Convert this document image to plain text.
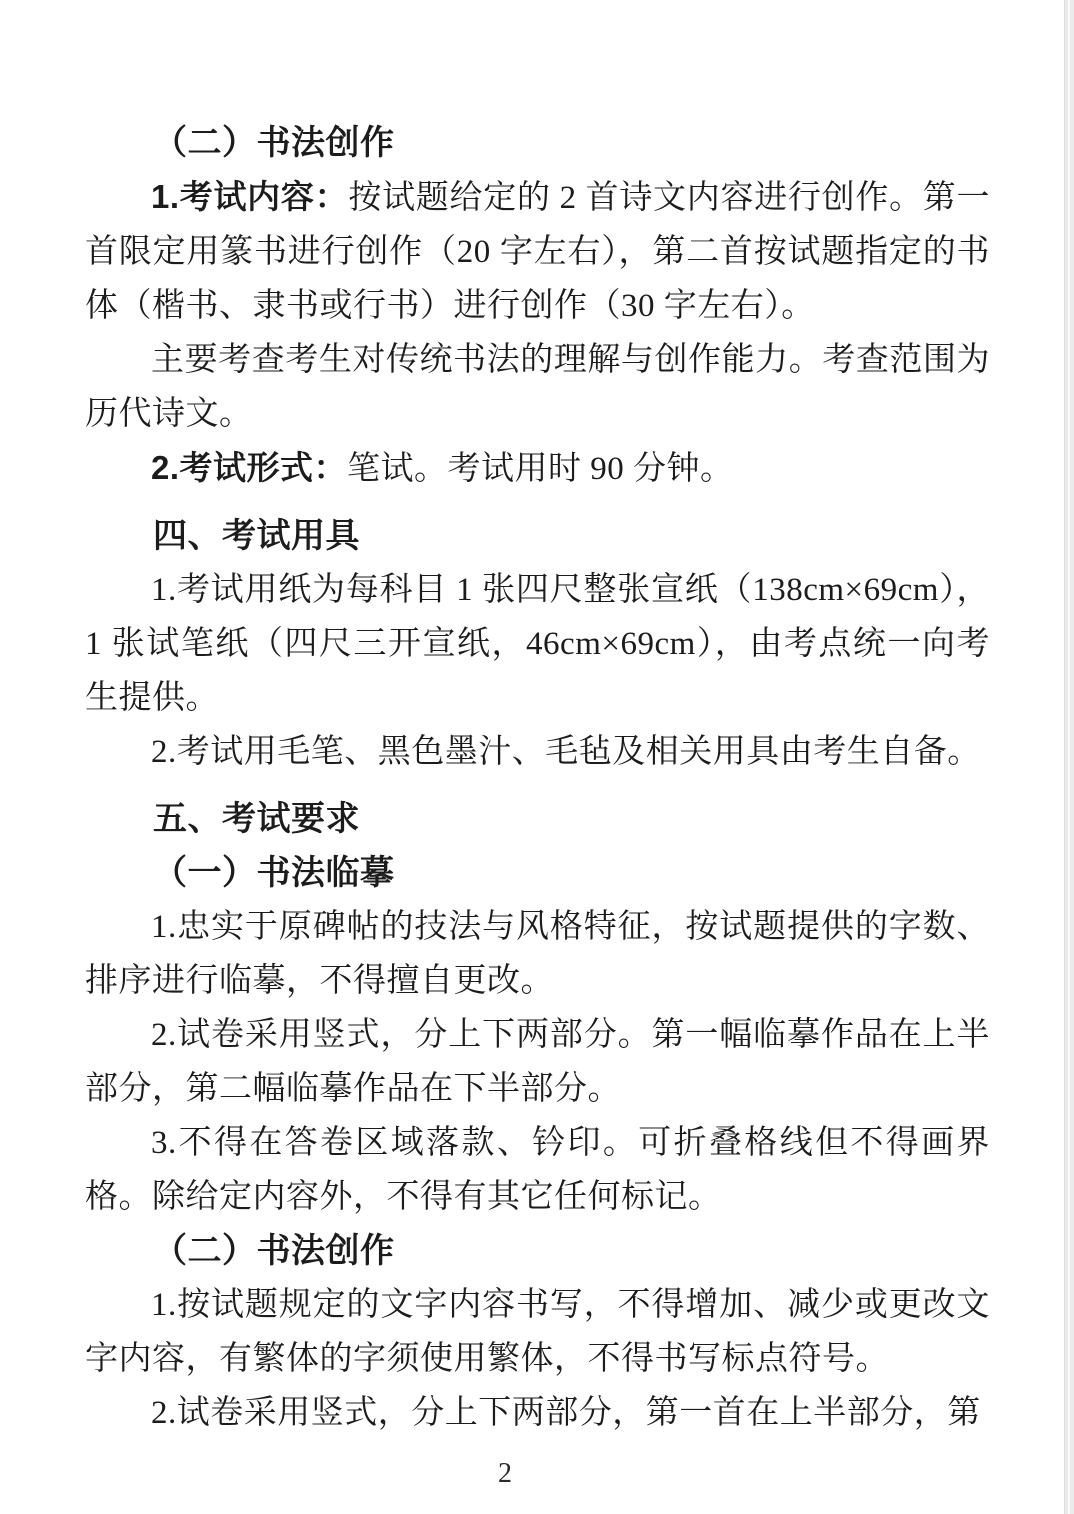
（二）书法创作

1.考试内容：按试题给定的 2 首诗文内容进行创作。第一首限定用篆书进行创作（20 字左右），第二首按试题指定的书体（楷书、隶书或行书）进行创作（30 字左右）。

主要考查考生对传统书法的理解与创作能力。考查范围为历代诗文。

2.考试形式：笔试。考试用时 90 分钟。

四、考试用具

1.考试用纸为每科目 1 张四尺整张宣纸（138cm×69cm），1 张试笔纸（四尺三开宣纸，46cm×69cm），由考点统一向考生提供。

2.考试用毛笔、黑色墨汁、毛毡及相关用具由考生自备。

五、考试要求
（一）书法临摹

1.忠实于原碑帖的技法与风格特征，按试题提供的字数、排序进行临摹，不得擅自更改。

2.试卷采用竖式，分上下两部分。第一幅临摹作品在上半部分，第二幅临摹作品在下半部分。

3.不得在答卷区域落款、钤印。可折叠格线但不得画界格。除给定内容外，不得有其它任何标记。

（二）书法创作

1.按试题规定的文字内容书写，不得增加、减少或更改文字内容，有繁体的字须使用繁体，不得书写标点符号。

2.试卷采用竖式，分上下两部分，第一首在上半部分，第

2
